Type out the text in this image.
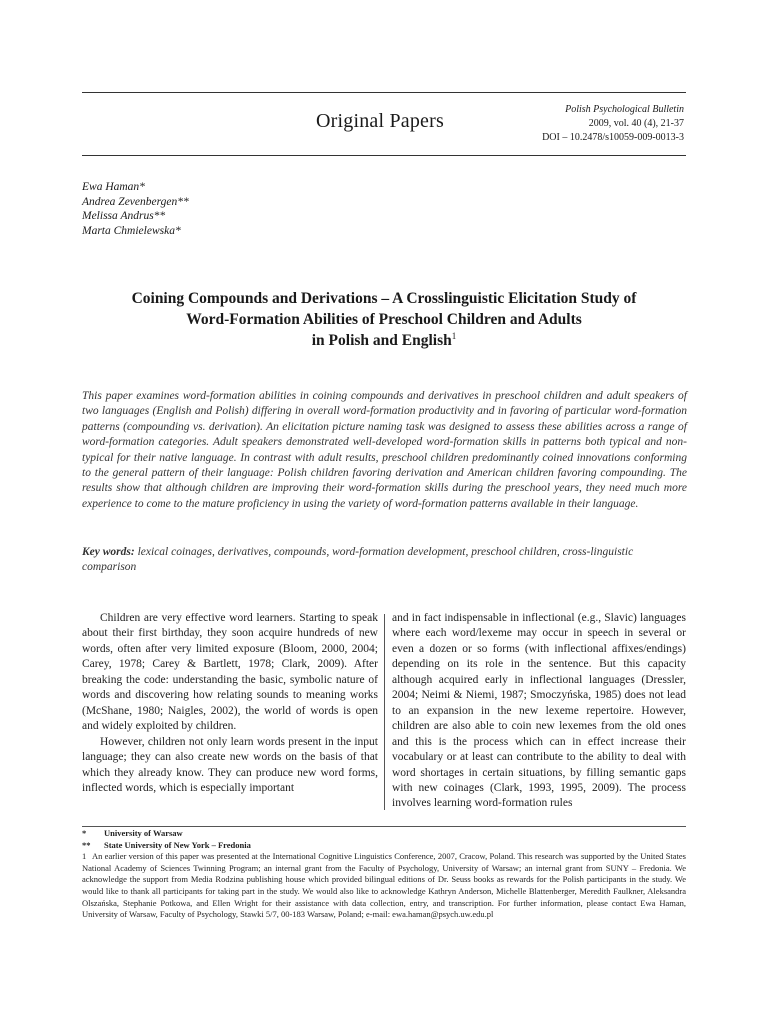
Original Papers
Polish Psychological Bulletin
2009, vol. 40 (4), 21-37
DOI – 10.2478/s10059-009-0013-3
Ewa Haman*
Andrea Zevenbergen**
Melissa Andrus**
Marta Chmielewska*
Coining Compounds and Derivations – A Crosslinguistic Elicitation Study of
Word-Formation Abilities of Preschool Children and Adults
in Polish and English$^1$
This paper examines word-formation abilities in coining compounds and derivatives in preschool children and adult speakers of two languages (English and Polish) differing in overall word-formation productivity and in favoring of particular word-formation patterns (compounding vs. derivation). An elicitation picture naming task was designed to assess these abilities across a range of word-formation categories. Adult speakers demonstrated well-developed word-formation skills in patterns both typical and non-typical for their native language. In contrast with adult results, preschool children predominantly coined innovations conforming to the general pattern of their language: Polish children favoring derivation and American children favoring compounding. The results show that although children are improving their word-formation skills during the preschool years, they need much more experience to come to the mature proficiency in using the variety of word-formation patterns available in their language.
Key words: lexical coinages, derivatives, compounds, word-formation development, preschool children, cross-linguistic comparison

Children are very effective word learners. Starting to speak about their first birthday, they soon acquire hundreds of new words, often after very limited exposure (Bloom, 2000, 2004; Carey, 1978; Carey & Bartlett, 1978; Clark, 2009). After breaking the code: understanding the basic, symbolic nature of words and discovering how relating sounds to meaning works (McShane, 1980; Naigles, 2002), the world of words is open and widely exploited by children.

However, children not only learn words present in the input language; they can also create new words on the basis of that which they already know. They can produce new word forms, inflected words, which is especially important

and in fact indispensable in inflectional (e.g., Slavic) languages where each word/lexeme may occur in speech in several or even a dozen or so forms (with inflectional affixes/endings) depending on its role in the sentence. But this capacity although acquired early in inflectional languages (Dressler, 2004; Neimi & Niemi, 1987; Smoczyńska, 1985) does not lead to an expansion in the new lexeme repertoire. However, children are also able to coin new lexemes from the old ones and this is the process which can in effect increase their vocabulary or at least can contribute to the ability to deal with word shortages in certain situations, by filling semantic gaps with new coinages (Clark, 1993, 1995, 2009). The process involves learning word-formation rules

* University of Warsaw
** State University of New York – Fredonia
1 An earlier version of this paper was presented at the International Cognitive Linguistics Conference, 2007, Cracow, Poland. This research was supported by the United States National Academy of Sciences Twinning Program; an internal grant from the Faculty of Psychology, University of Warsaw; an internal grant from SUNY – Fredonia. We acknowledge the support from Media Rodzina publishing house which provided bilingual editions of Dr. Seuss books as rewards for the Polish participants in the study. We would like to thank all participants for taking part in the study. We would also like to acknowledge Kathryn Anderson, Michelle Blattenberger, Meredith Faulkner, Aleksandra Olszańska, Stephanie Potkowa, and Ellen Wright for their assistance with data collection, entry, and transcription. For further information, please contact Ewa Haman, University of Warsaw, Faculty of Psychology, Stawki 5/7, 00-183 Warsaw, Poland; e-mail: ewa.haman@psych.uw.edu.pl
